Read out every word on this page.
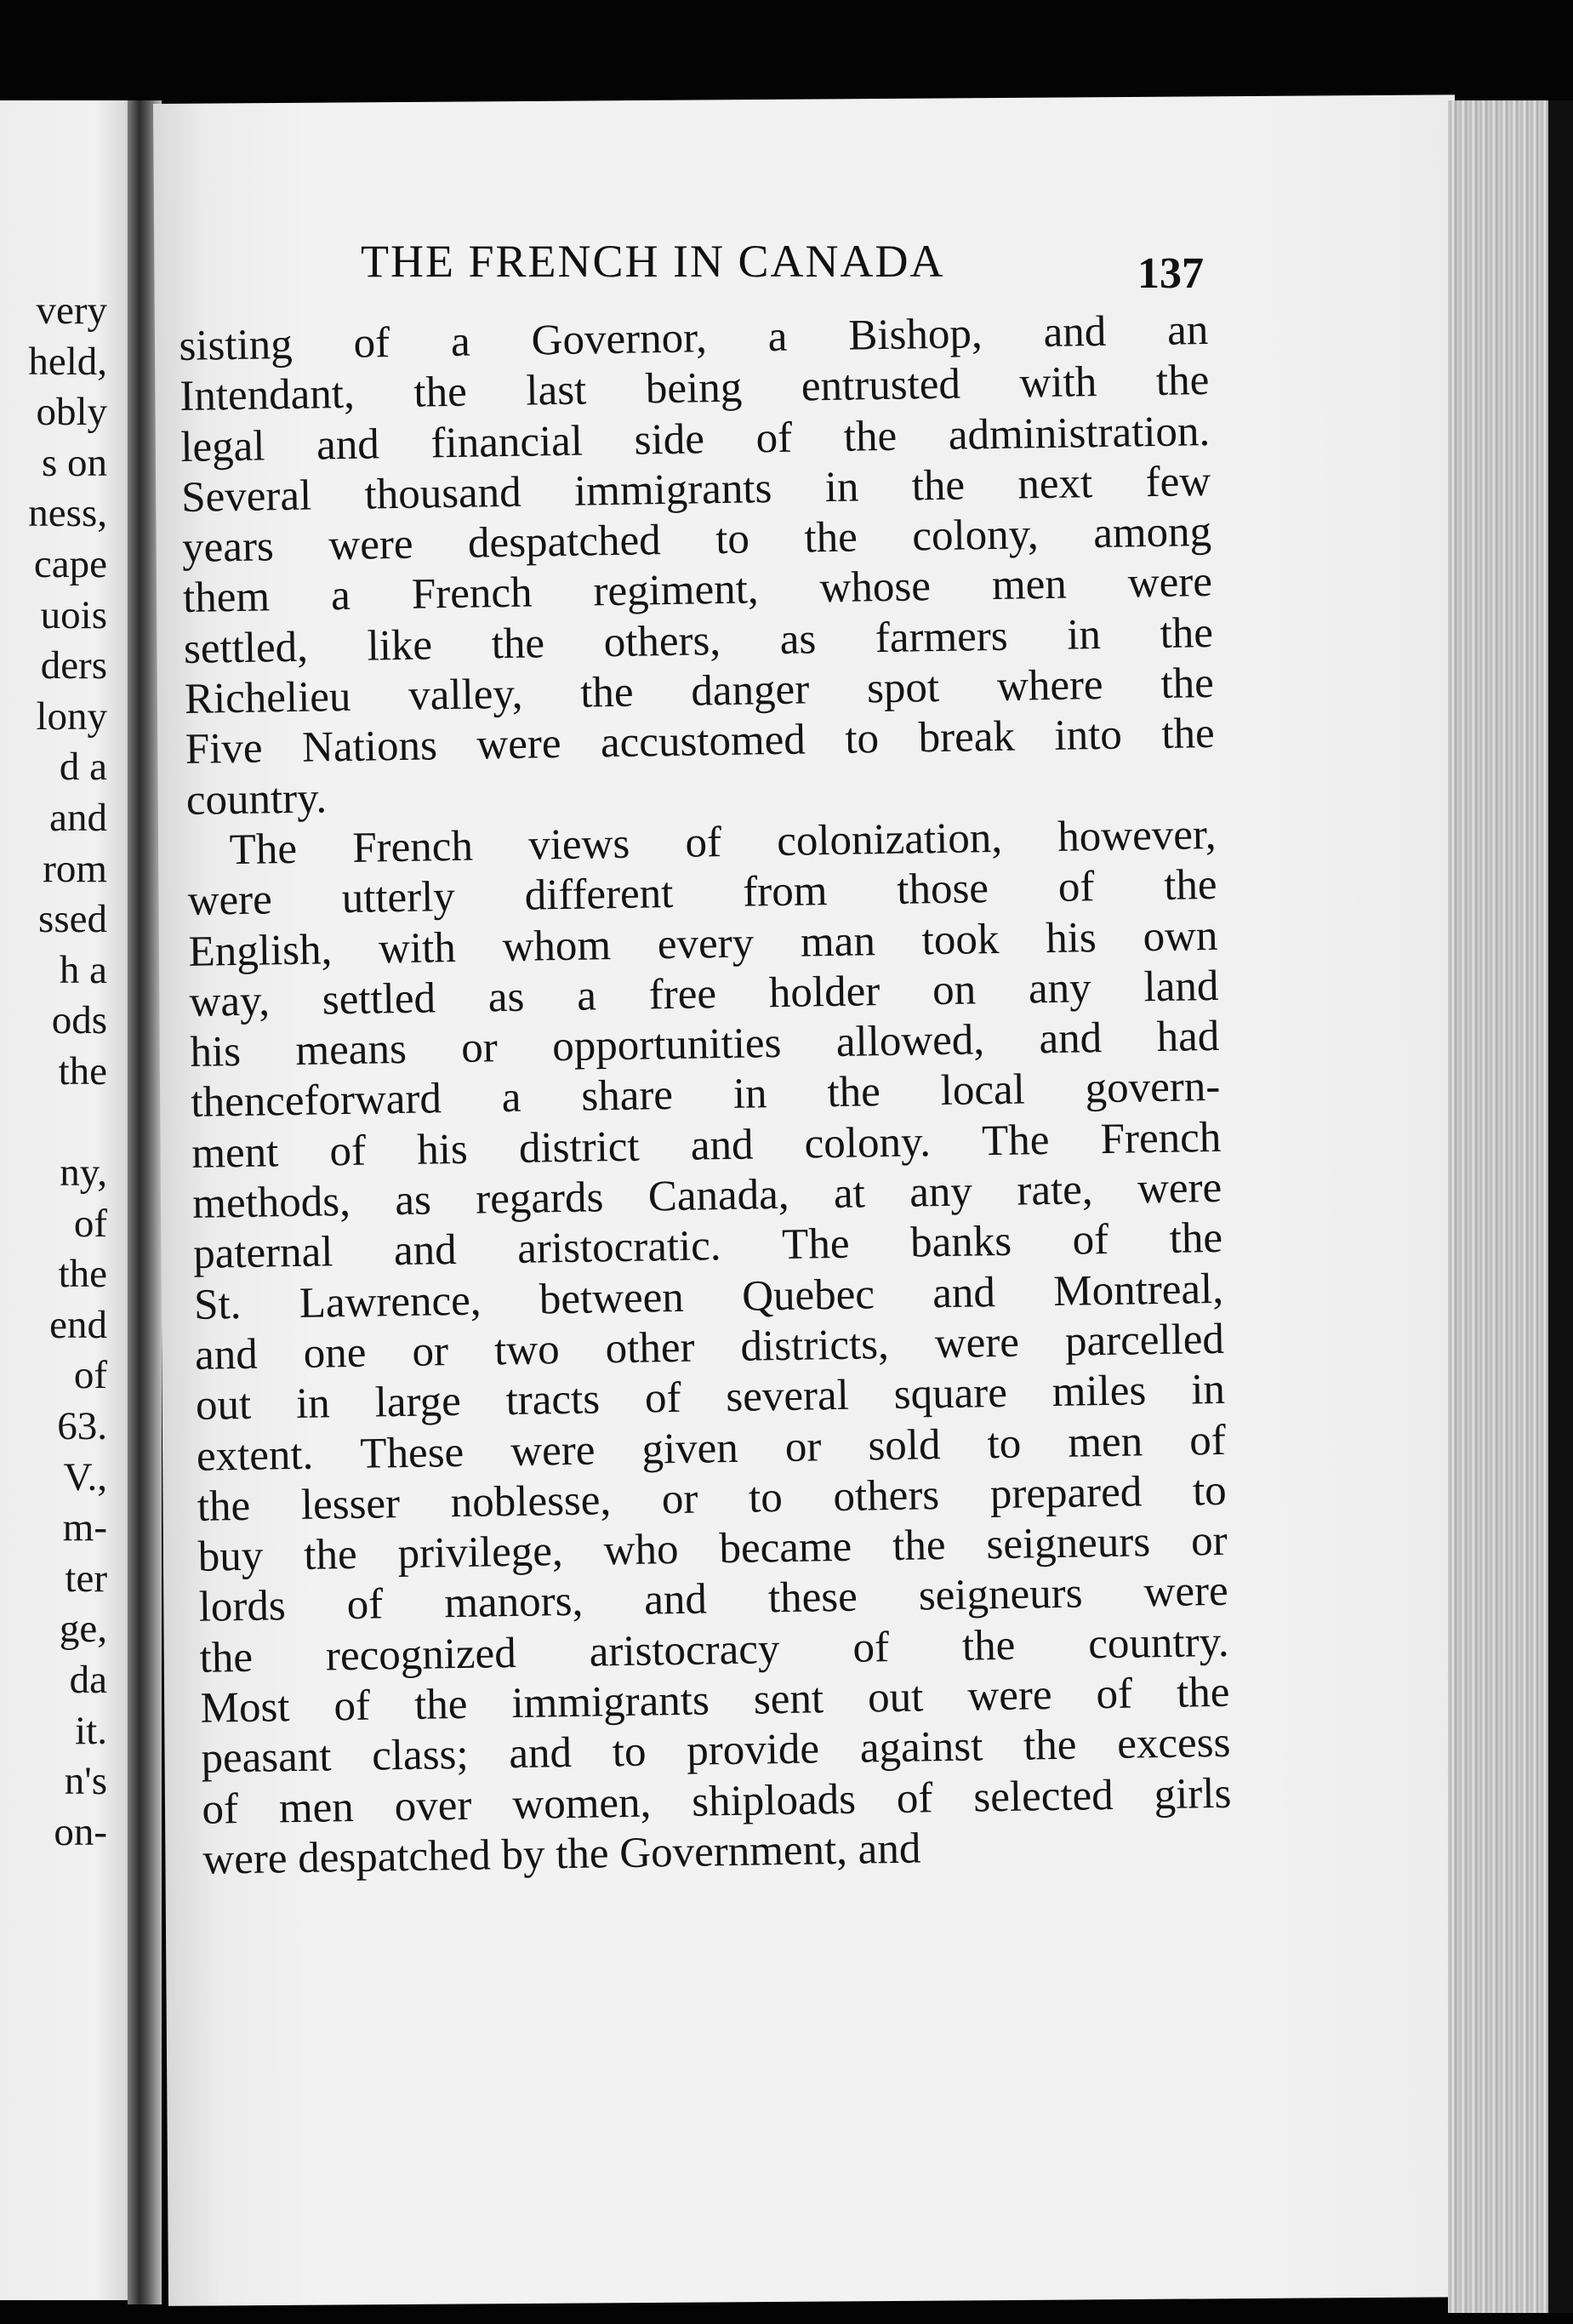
very
held,
obly
s on
ness,
cape
uois
ders
lony
d a
and
rom
ssed
h a
ods
the

ny,
of
the
end
of
63.
V.,
m-
ter
ge,
da
it.
n's
on-
THE FRENCH IN CANADA	137
sisting of a Governor, a Bishop, and an
Intendant, the last being entrusted with the
legal and financial side of the administration.
Several thousand immigrants in the next few
years were despatched to the colony, among
them a French regiment, whose men were
settled, like the others, as farmers in the
Richelieu valley, the danger spot where the
Five Nations were accustomed to break into the
country.
The French views of colonization, however,
were utterly different from those of the
English, with whom every man took his own
way, settled as a free holder on any land
his means or opportunities allowed, and had
thenceforward a share in the local govern-
ment of his district and colony. The French
methods, as regards Canada, at any rate, were
paternal and aristocratic. The banks of the
St. Lawrence, between Quebec and Montreal,
and one or two other districts, were parcelled
out in large tracts of several square miles in
extent. These were given or sold to men of
the lesser noblesse, or to others prepared to
buy the privilege, who became the seigneurs or
lords of manors, and these seigneurs were
the recognized aristocracy of the country.
Most of the immigrants sent out were of the
peasant class; and to provide against the excess
of men over women, shiploads of selected girls
were despatched by the Government, and
